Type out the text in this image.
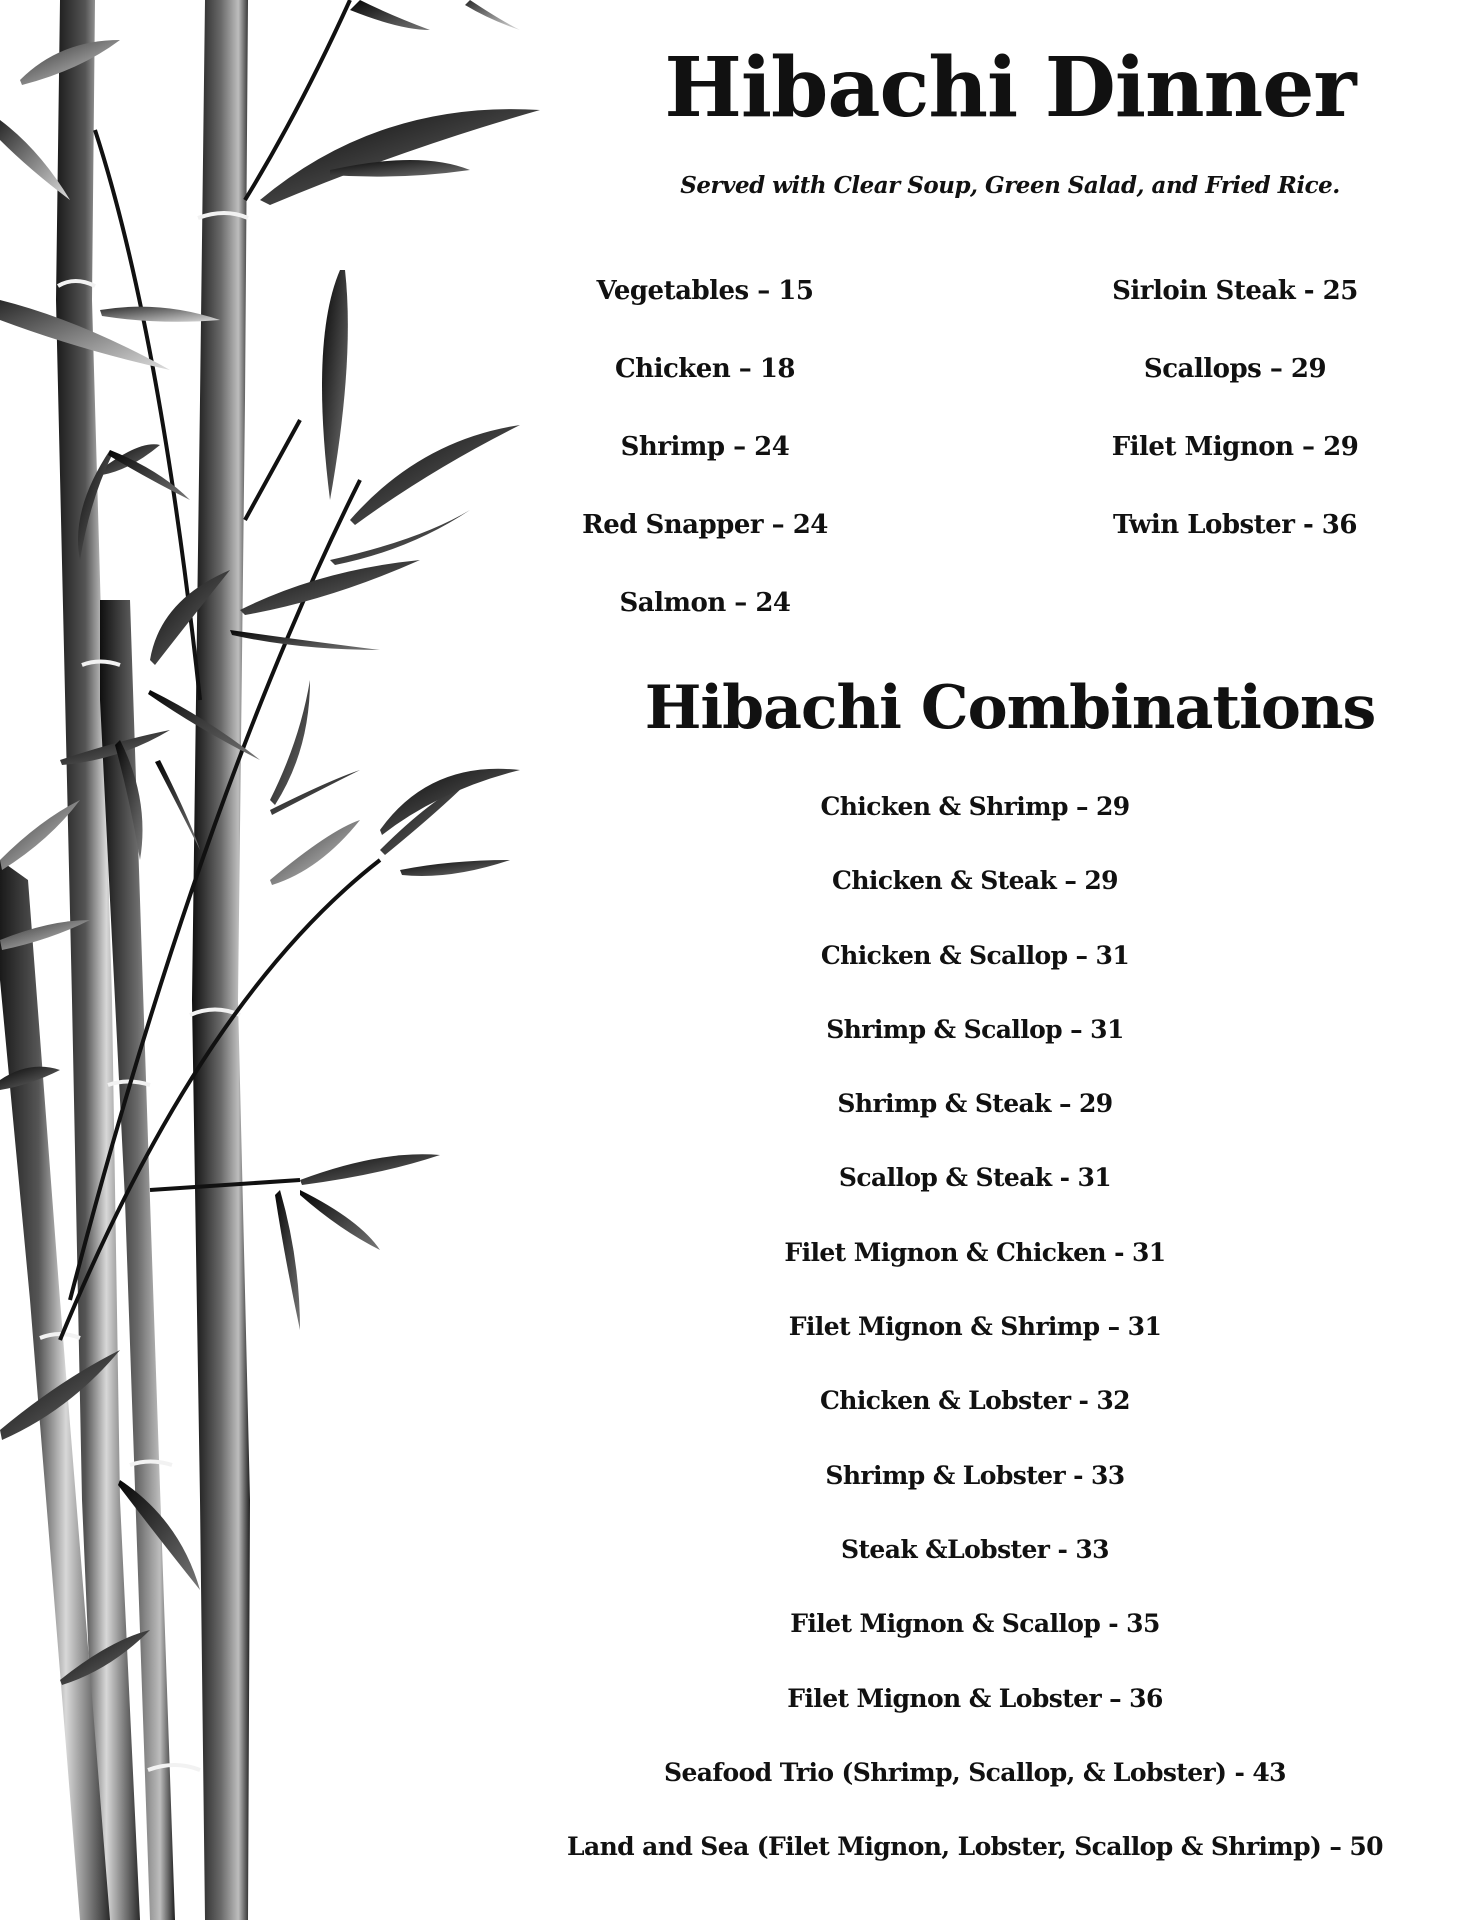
Hibachi Dinner

Served with Clear Soup, Green Salad, and Fried Rice.

Vegetables – 15
Chicken – 18
Shrimp – 24
Red Snapper – 24
Salmon – 24
Sirloin Steak - 25
Scallops – 29
Filet Mignon – 29
Twin Lobster - 36
Hibachi Combinations
Chicken & Shrimp – 29
Chicken & Steak – 29
Chicken & Scallop – 31
Shrimp & Scallop – 31
Shrimp & Steak – 29
Scallop & Steak - 31
Filet Mignon & Chicken - 31
Filet Mignon & Shrimp – 31
Chicken & Lobster - 32
Shrimp & Lobster - 33
Steak &Lobster - 33
Filet Mignon & Scallop - 35
Filet Mignon & Lobster – 36
Seafood Trio (Shrimp, Scallop, & Lobster) - 43
Land and Sea (Filet Mignon, Lobster, Scallop & Shrimp) – 50
